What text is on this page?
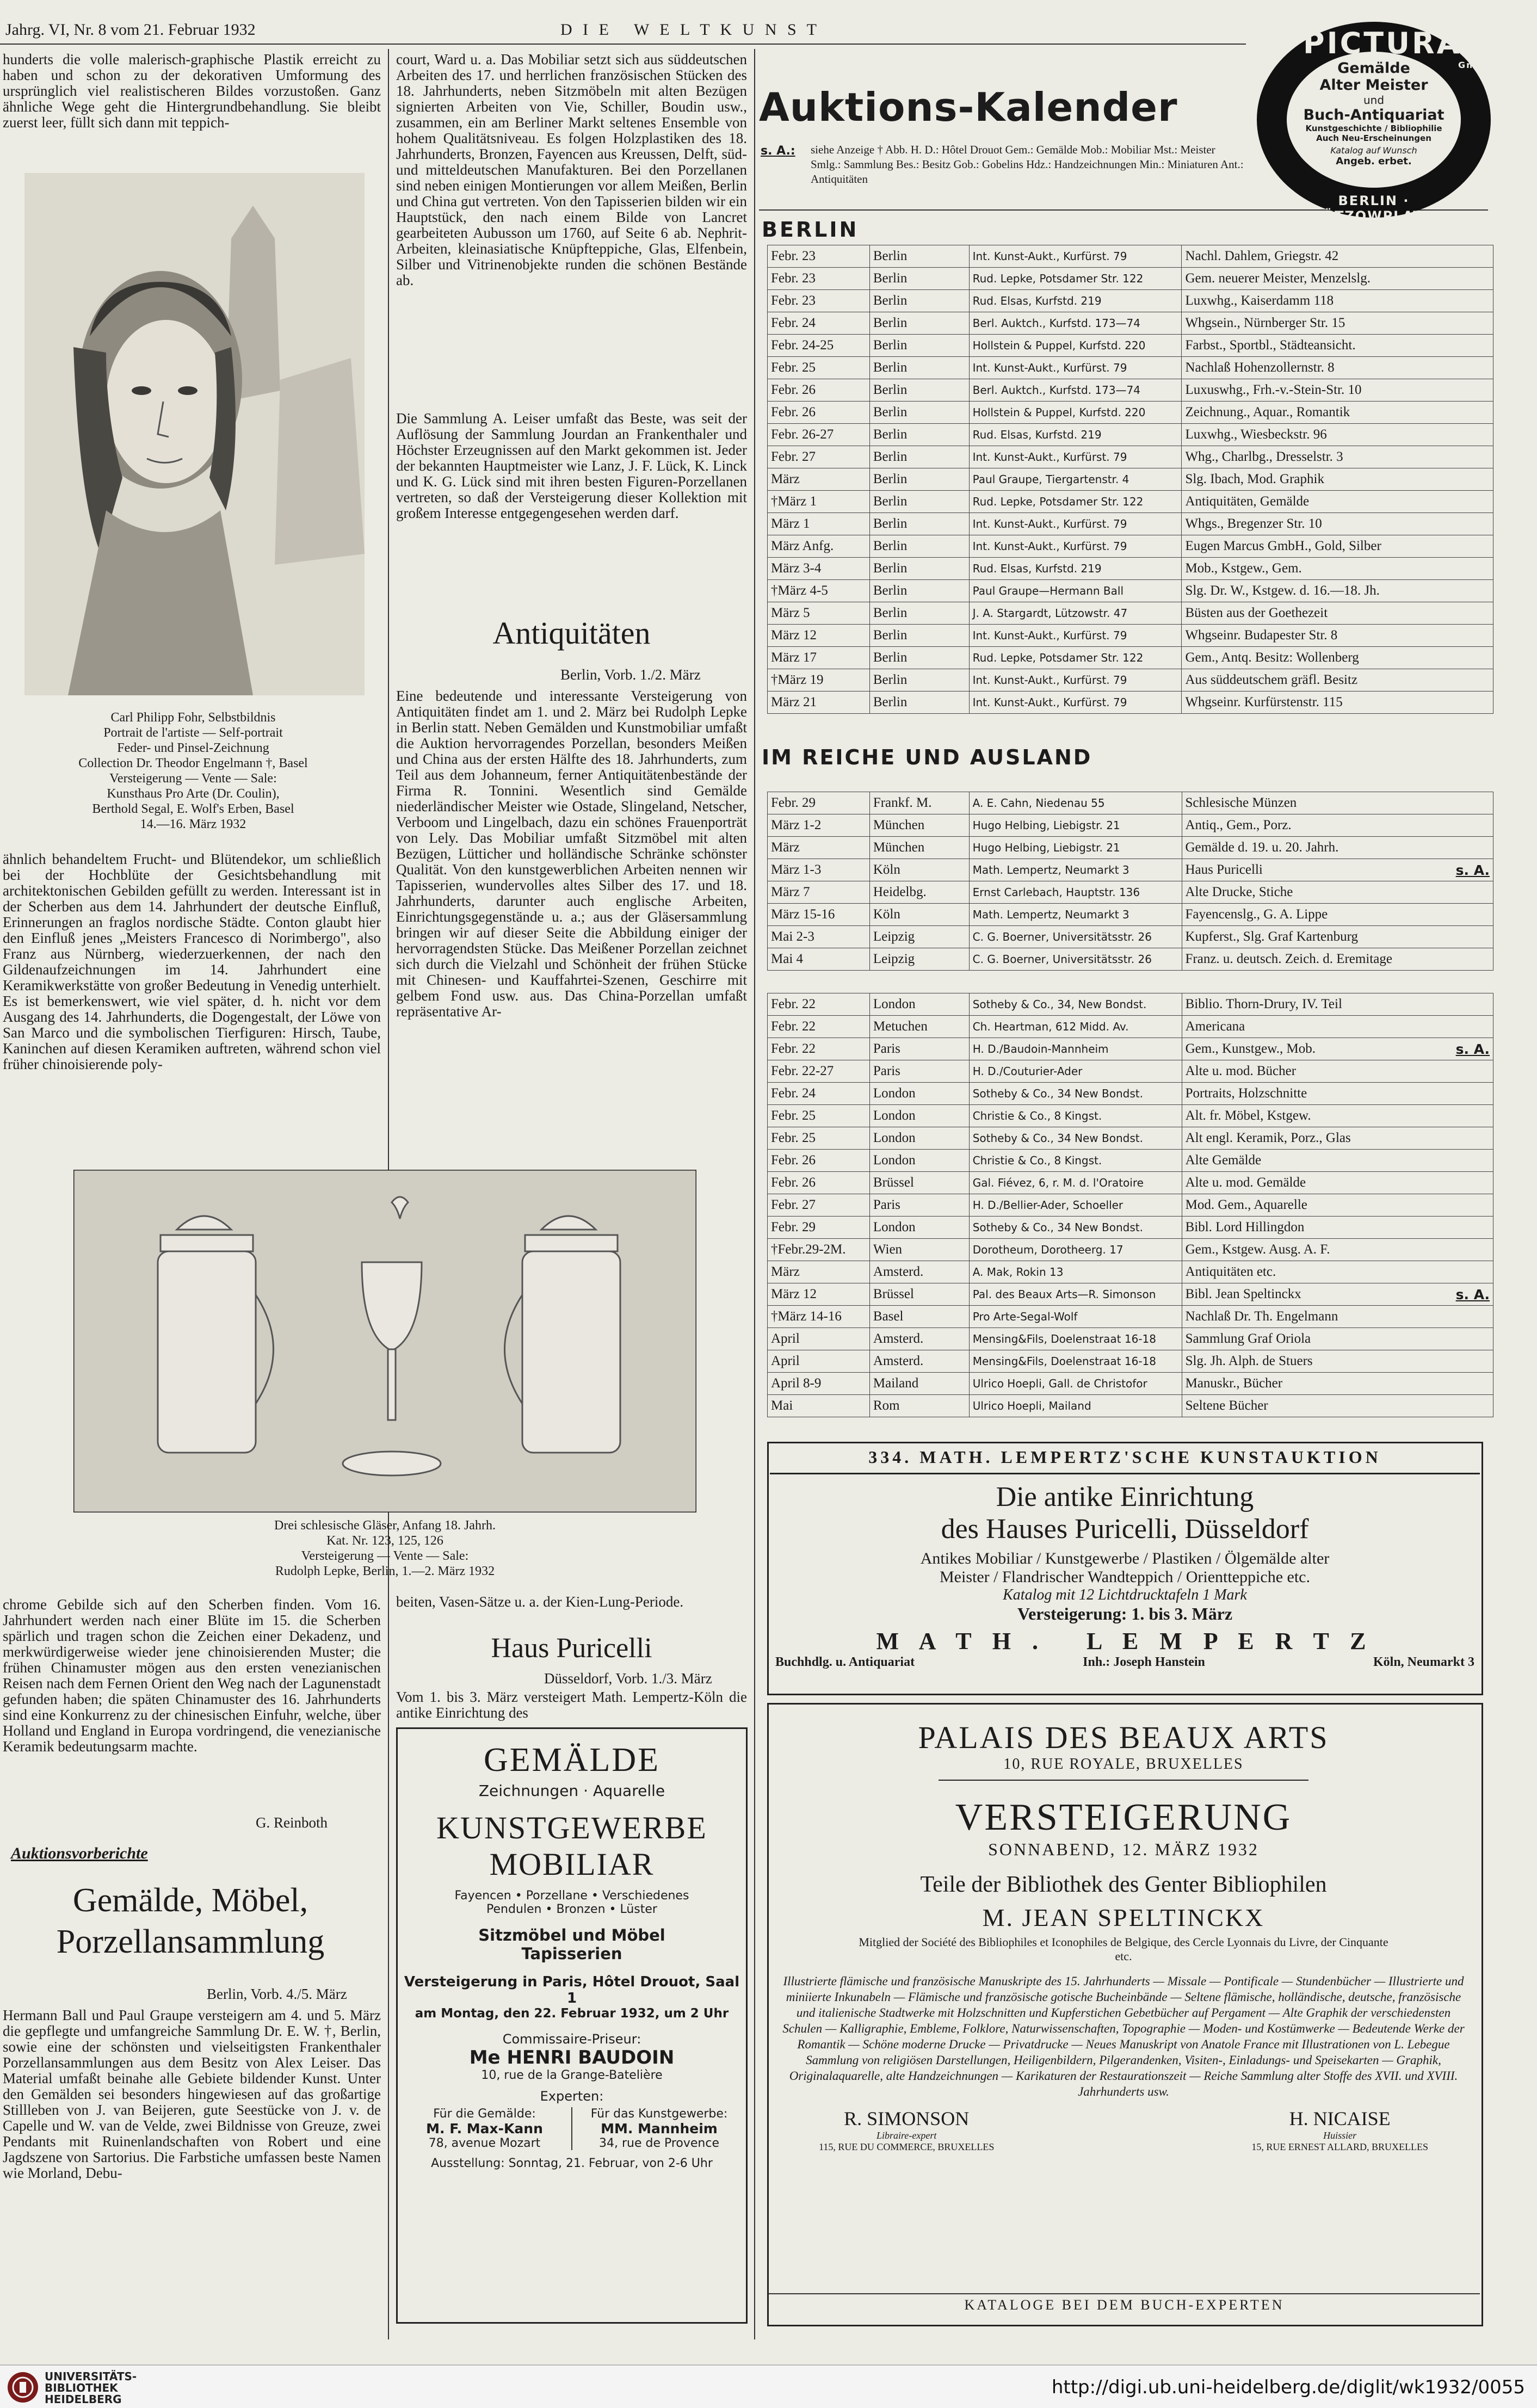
Jahrg. VI, Nr. 8 vom 21. Februar 1932	D I E   W E L T K U N S T
hunderts die volle malerisch-graphische Plastik erreicht zu haben und schon zu der dekorativen Umformung des ursprünglich viel realistischeren Bildes vorzustoßen. Ganz ähnliche Wege geht die Hintergrundbehandlung. Sie bleibt zuerst leer, füllt sich dann mit teppich-
Carl Philipp Fohr, Selbstbildnis
Portrait de l'artiste — Self-portrait
Feder- und Pinsel-Zeichnung
Collection Dr. Theodor Engelmann †, Basel
Versteigerung — Vente — Sale:
Kunsthaus Pro Arte (Dr. Coulin),
Berthold Segal, E. Wolf's Erben, Basel
14.—16. März 1932
ähnlich behandeltem Frucht- und Blütendekor, um schließlich bei der Hochblüte der Gesichtsbehandlung mit architektonischen Gebilden gefüllt zu werden. Interessant ist in der Scherben aus dem 14. Jahrhundert der deutsche Einfluß, Erinnerungen an fraglos nordische Städte. Conton glaubt hier den Einfluß jenes „Meisters Francesco di Norimbergo", also Franz aus Nürnberg, wiederzuerkennen, der nach den Gildenaufzeichnungen im 14. Jahrhundert eine Keramikwerkstätte von großer Bedeutung in Venedig unterhielt. Es ist bemerkenswert, wie viel später, d. h. nicht vor dem Ausgang des 14. Jahrhunderts, die Dogengestalt, der Löwe von San Marco und die symbolischen Tierfiguren: Hirsch, Taube, Kaninchen auf diesen Keramiken auftreten, während schon viel früher chinoisierende poly-
Drei schlesische Gläser, Anfang 18. Jahrh.
Kat. Nr. 123, 125, 126
Versteigerung — Vente — Sale:
Rudolph Lepke, Berlin, 1.—2. März 1932
chrome Gebilde sich auf den Scherben finden. Vom 16. Jahrhundert werden nach einer Blüte im 15. die Scherben spärlich und tragen schon die Zeichen einer Dekadenz, und merkwürdigerweise wieder jene chinoisierenden Muster; die frühen Chinamuster mögen aus den ersten venezianischen Reisen nach dem Fernen Orient den Weg nach der Lagunenstadt gefunden haben; die späten Chinamuster des 16. Jahrhunderts sind eine Konkurrenz zu der chinesischen Einfuhr, welche, über Holland und England in Europa vordringend, die venezianische Keramik bedeutungsarm machte.
G. Reinboth
Auktionsvorberichte
Gemälde, Möbel, Porzellansammlung
Berlin, Vorb. 4./5. März
Hermann Ball und Paul Graupe versteigern am 4. und 5. März die gepflegte und umfangreiche Sammlung Dr. E. W. †, Berlin, sowie eine der schönsten und vielseitigsten Frankenthaler Porzellansammlungen aus dem Besitz von Alex Leiser. Das Material umfaßt beinahe alle Gebiete bildender Kunst. Unter den Gemälden sei besonders hingewiesen auf das großartige Stillleben von J. van Beijeren, gute Seestücke von J. v. de Capelle und W. van de Velde, zwei Bildnisse von Greuze, zwei Pendants mit Ruinenlandschaften von Robert und eine Jagdszene von Sartorius. Die Farbstiche umfassen beste Namen wie Morland, Debu-
court, Ward u. a. Das Mobiliar setzt sich aus süddeutschen Arbeiten des 17. und herrlichen französischen Stücken des 18. Jahrhunderts, neben Sitzmöbeln mit alten Bezügen signierten Arbeiten von Vie, Schiller, Boudin usw., zusammen, ein am Berliner Markt seltenes Ensemble von hohem Qualitätsniveau. Es folgen Holzplastiken des 18. Jahrhunderts, Bronzen, Fayencen aus Kreussen, Delft, süd- und mitteldeutschen Manufakturen. Bei den Porzellanen sind neben einigen Montierungen vor allem Meißen, Berlin und China gut vertreten. Von den Tapisserien bilden wir ein Hauptstück, den nach einem Bilde von Lancret gearbeiteten Aubusson um 1760, auf Seite 6 ab. Nephrit-Arbeiten, kleinasiatische Knüpfteppiche, Glas, Elfenbein, Silber und Vitrinenobjekte runden die schönen Bestände ab.
Die Sammlung A. Leiser umfaßt das Beste, was seit der Auflösung der Sammlung Jourdan an Frankenthaler und Höchster Erzeugnissen auf den Markt gekommen ist. Jeder der bekannten Hauptmeister wie Lanz, J. F. Lück, K. Linck und K. G. Lück sind mit ihren besten Figuren-Porzellanen vertreten, so daß der Versteigerung dieser Kollektion mit großem Interesse entgegengesehen werden darf.
Antiquitäten
Berlin, Vorb. 1./2. März
Eine bedeutende und interessante Versteigerung von Antiquitäten findet am 1. und 2. März bei Rudolph Lepke in Berlin statt. Neben Gemälden und Kunstmobiliar umfaßt die Auktion hervorragendes Porzellan, besonders Meißen und China aus der ersten Hälfte des 18. Jahrhunderts, zum Teil aus dem Johanneum, ferner Antiquitätenbestände der Firma R. Tonnini. Wesentlich sind Gemälde niederländischer Meister wie Ostade, Slingeland, Netscher, Verboom und Lingelbach, dazu ein schönes Frauenporträt von Lely. Das Mobiliar umfaßt Sitzmöbel mit alten Bezügen, Lütticher und holländische Schränke schönster Qualität. Von den kunstgewerblichen Arbeiten nennen wir Tapisserien, wundervolles altes Silber des 17. und 18. Jahrhunderts, darunter auch englische Arbeiten, Einrichtungsgegenstände u. a.; aus der Gläsersammlung bringen wir auf dieser Seite die Abbildung einiger der hervorragendsten Stücke. Das Meißener Porzellan zeichnet sich durch die Vielzahl und Schönheit der frühen Stücke mit Chinesen- und Kauffahrtei-Szenen, Geschirre mit gelbem Fond usw. aus. Das China-Porzellan umfaßt repräsentative Ar-
beiten, Vasen-Sätze u. a. der Kien-Lung-Periode.
Haus Puricelli
Düsseldorf, Vorb. 1./3. März
Vom 1. bis 3. März versteigert Math. Lempertz-Köln die antike Einrichtung des
GEMÄLDE
Zeichnungen · Aquarelle
KUNSTGEWERBE
MOBILIAR
Fayencen • Porzellane • Verschiedenes
Pendulen • Bronzen • Lüster
Sitzmöbel und Möbel
Tapisserien
Versteigerung in Paris, Hôtel Drouot, Saal 1
am Montag, den 22. Februar 1932, um 2 Uhr
Commissaire-Priseur:
Me HENRI BAUDOIN
10, rue de la Grange-Batelière
Experten:
Für die Gemälde:
M. F. Max-Kann
78, avenue Mozart
Für das Kunstgewerbe:
MM. Mannheim
34, rue de Provence
Ausstellung: Sonntag, 21. Februar, von 2-6 Uhr
Auktions-Kalender
s. A.: siehe Anzeige † Abb. H. D.: Hôtel Drouot Gem.: Gemälde Mob.: Mobiliar Mst.: Meister Smlg.: Sammlung Bes.: Besitz Gob.: Gobelins Hdz.: Handzeichnungen Min.: Miniaturen Ant.: Antiquitäten
PICTURA
GmbH
BERLIN · LÜTZOWPLATZ
Gemälde
Alter Meister
und
Buch-Antiquariat
Kunstgeschichte / Bibliophilie
Auch Neu-Erscheinungen
Katalog auf Wunsch
Angeb. erbet.
BERLIN
Febr. 23	Berlin	Int. Kunst-Aukt., Kurfürst. 79	Nachl. Dahlem, Griegstr. 42
Febr. 23	Berlin	Rud. Lepke, Potsdamer Str. 122	Gem. neuerer Meister, Menzelslg.
Febr. 23	Berlin	Rud. Elsas, Kurfstd. 219	Luxwhg., Kaiserdamm 118
Febr. 24	Berlin	Berl. Auktch., Kurfstd. 173—74	Whgsein., Nürnberger Str. 15
Febr. 24-25	Berlin	Hollstein & Puppel, Kurfstd. 220	Farbst., Sportbl., Städteansicht.
Febr. 25	Berlin	Int. Kunst-Aukt., Kurfürst. 79	Nachlaß Hohenzollernstr. 8
Febr. 26	Berlin	Berl. Auktch., Kurfstd. 173—74	Luxuswhg., Frh.-v.-Stein-Str. 10
Febr. 26	Berlin	Hollstein & Puppel, Kurfstd. 220	Zeichnung., Aquar., Romantik
Febr. 26-27	Berlin	Rud. Elsas, Kurfstd. 219	Luxwhg., Wiesbeckstr. 96
Febr. 27	Berlin	Int. Kunst-Aukt., Kurfürst. 79	Whg., Charlbg., Dresselstr. 3
März	Berlin	Paul Graupe, Tiergartenstr. 4	Slg. Ibach, Mod. Graphik
†März 1	Berlin	Rud. Lepke, Potsdamer Str. 122	Antiquitäten, Gemälde
März 1	Berlin	Int. Kunst-Aukt., Kurfürst. 79	Whgs., Bregenzer Str. 10
März Anfg.	Berlin	Int. Kunst-Aukt., Kurfürst. 79	Eugen Marcus GmbH., Gold, Silber
März 3-4	Berlin	Rud. Elsas, Kurfstd. 219	Mob., Kstgew., Gem.
†März 4-5	Berlin	Paul Graupe—Hermann Ball	Slg. Dr. W., Kstgew. d. 16.—18. Jh.
März 5	Berlin	J. A. Stargardt, Lützowstr. 47	Büsten aus der Goethezeit
März 12	Berlin	Int. Kunst-Aukt., Kurfürst. 79	Whgseinr. Budapester Str. 8
März 17	Berlin	Rud. Lepke, Potsdamer Str. 122	Gem., Antq. Besitz: Wollenberg
†März 19	Berlin	Int. Kunst-Aukt., Kurfürst. 79	Aus süddeutschem gräfl. Besitz
März 21	Berlin	Int. Kunst-Aukt., Kurfürst. 79	Whgseinr. Kurfürstenstr. 115
IM REICHE UND AUSLAND
Febr. 29	Frankf. M.	A. E. Cahn, Niedenau 55	Schlesische Münzen
März 1-2	München	Hugo Helbing, Liebigstr. 21	Antiq., Gem., Porz.
März	München	Hugo Helbing, Liebigstr. 21	Gemälde d. 19. u. 20. Jahrh.
März 1-3	Köln	Math. Lempertz, Neumarkt 3	Haus Puricelli s. A.

März 7	Heidelbg.	Ernst Carlebach, Hauptstr. 136	Alte Drucke, Stiche
März 15-16	Köln	Math. Lempertz, Neumarkt 3	Fayencenslg., G. A. Lippe
Mai 2-3	Leipzig	C. G. Boerner, Universitätsstr. 26	Kupferst., Slg. Graf Kartenburg
Mai 4	Leipzig	C. G. Boerner, Universitätsstr. 26	Franz. u. deutsch. Zeich. d. Eremitage
Febr. 22	London	Sotheby & Co., 34, New Bondst.	Biblio. Thorn-Drury, IV. Teil
Febr. 22	Metuchen	Ch. Heartman, 612 Midd. Av.	Americana
Febr. 22	Paris	H. D./Baudoin-Mannheim	Gem., Kunstgew., Mob. s. A.

Febr. 22-27	Paris	H. D./Couturier-Ader	Alte u. mod. Bücher
Febr. 24	London	Sotheby & Co., 34 New Bondst.	Portraits, Holzschnitte
Febr. 25	London	Christie & Co., 8 Kingst.	Alt. fr. Möbel, Kstgew.
Febr. 25	London	Sotheby & Co., 34 New Bondst.	Alt engl. Keramik, Porz., Glas
Febr. 26	London	Christie & Co., 8 Kingst.	Alte Gemälde
Febr. 26	Brüssel	Gal. Fiévez, 6, r. M. d. l'Oratoire	Alte u. mod. Gemälde
Febr. 27	Paris	H. D./Bellier-Ader, Schoeller	Mod. Gem., Aquarelle
Febr. 29	London	Sotheby & Co., 34 New Bondst.	Bibl. Lord Hillingdon
†Febr.29-2M.	Wien	Dorotheum, Dorotheerg. 17	Gem., Kstgew. Ausg. A. F.
März	Amsterd.	A. Mak, Rokin 13	Antiquitäten etc.
März 12	Brüssel	Pal. des Beaux Arts—R. Simonson	Bibl. Jean Speltinckx s. A.

†März 14-16	Basel	Pro Arte-Segal-Wolf	Nachlaß Dr. Th. Engelmann
April	Amsterd.	Mensing&Fils, Doelenstraat 16-18	Sammlung Graf Oriola
April	Amsterd.	Mensing&Fils, Doelenstraat 16-18	Slg. Jh. Alph. de Stuers
April 8-9	Mailand	Ulrico Hoepli, Gall. de Christofor	Manuskr., Bücher
Mai	Rom	Ulrico Hoepli, Mailand	Seltene Bücher
334. MATH. LEMPERTZ'SCHE KUNSTAUKTION
Die antike Einrichtung
des Hauses Puricelli, Düsseldorf
Antikes Mobiliar / Kunstgewerbe / Plastiken / Ölgemälde alter
Meister / Flandrischer Wandteppich / Orientteppiche etc.
Katalog mit 12 Lichtdrucktafeln 1 Mark
Versteigerung: 1. bis 3. März
M A T H .   L E M P E R T Z
Buchhdlg. u. Antiquariat	Inh.: Joseph Hanstein	Köln, Neumarkt 3
PALAIS DES BEAUX ARTS
10, RUE ROYALE, BRUXELLES
VERSTEIGERUNG
SONNABEND, 12. MÄRZ 1932
Teile der Bibliothek des Genter Bibliophilen
M. JEAN SPELTINCKX
Mitglied der Société des Bibliophiles et Iconophiles de Belgique, des Cercle Lyonnais du Livre, der Cinquante etc.
Illustrierte flämische und französische Manuskripte des 15. Jahrhunderts — Missale — Pontificale — Stundenbücher — Illustrierte und miniierte Inkunabeln — Flämische und französische gotische Bucheinbände — Seltene flämische, holländische, deutsche, französische und italienische Stadtwerke mit Holzschnitten und Kupferstichen Gebetbücher auf Pergament — Alte Graphik der verschiedensten Schulen — Kalligraphie, Embleme, Folklore, Naturwissenschaften, Topographie — Moden- und Kostümwerke — Bedeutende Werke der Romantik — Schöne moderne Drucke — Privatdrucke — Neues Manuskript von Anatole France mit Illustrationen von L. Lebegue Sammlung von religiösen Darstellungen, Heiligenbildern, Pilgerandenken, Visiten-, Einladungs- und Speisekarten — Graphik, Originalaquarelle, alte Handzeichnungen — Karikaturen der Restaurationszeit — Reiche Sammlung alter Stoffe des XVII. und XVIII. Jahrhunderts usw.
R. SIMONSON
Libraire-expert
115, RUE DU COMMERCE, BRUXELLES
H. NICAISE
Huissier
15, RUE ERNEST ALLARD, BRUXELLES
KATALOGE BEI DEM BUCH-EXPERTEN
UNIVERSITÄTS-
BIBLIOTHEK
HEIDELBERG
http://digi.ub.uni-heidelberg.de/diglit/wk1932/0055
